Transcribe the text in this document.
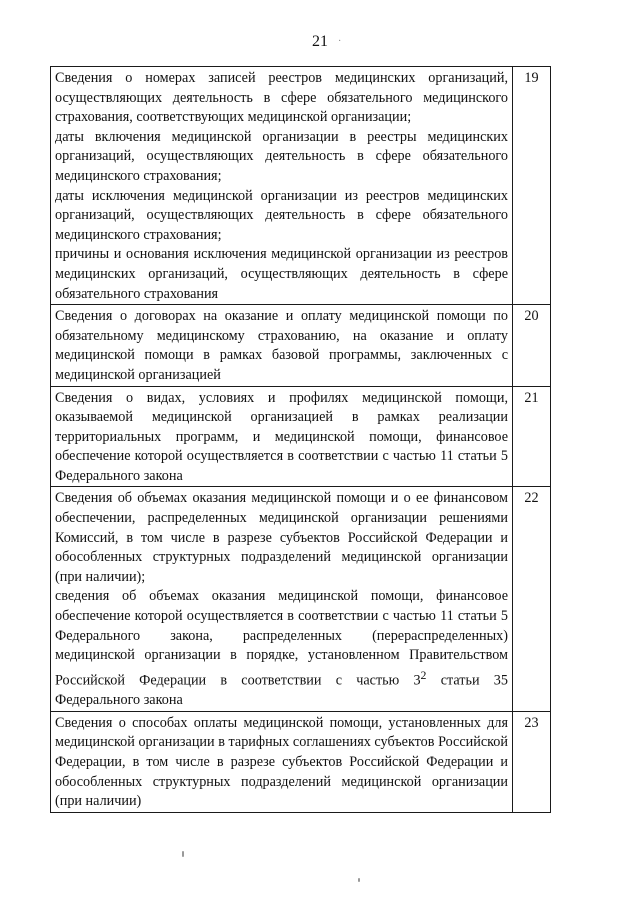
21	·

Сведения о номерах записей реестров медицинских организаций, осуществляющих деятельность в сфере обязательного медицинского страхования, соответствующих медицинской организации;

даты включения медицинской организации в реестры медицинских организаций, осуществляющих деятельность в сфере обязательного медицинского страхования;

даты исключения медицинской организации из реестров медицинских организаций, осуществляющих деятельность в сфере обязательного медицинского страхования;

причины и основания исключения медицинской организации из реестров медицинских организаций, осуществляющих деятельность в сфере обязательного страхования	19

Сведения о договорах на оказание и оплату медицинской помощи по обязательному медицинскому страхованию, на оказание и оплату медицинской помощи в рамках базовой программы, заключенных с медицинской организацией	20

Сведения о видах, условиях и профилях медицинской помощи, оказываемой медицинской организацией в рамках реализации территориальных программ, и медицинской помощи, финансовое обеспечение которой осуществляется в соответствии с частью 11 статьи 5 Федерального закона	21

Сведения об объемах оказания медицинской помощи и о ее финансовом обеспечении, распределенных медицинской организации решениями Комиссий, в том числе в разрезе субъектов Российской Федерации и обособленных структурных подразделений медицинской организации (при наличии);

сведения об объемах оказания медицинской помощи, финансовое обеспечение которой осуществляется в соответствии с частью 11 статьи 5 Федерального закона, распределенных (перераспределенных) медицинской организации в порядке, установленном Правительством Российской Федерации в соответствии с частью $3^2$ статьи 35 Федерального закона	22

Сведения о способах оплаты медицинской помощи, установленных для медицинской организации в тарифных соглашениях субъектов Российской Федерации, в том числе в разрезе субъектов Российской Федерации и обособленных структурных подразделений медицинской организации (при наличии)	23
